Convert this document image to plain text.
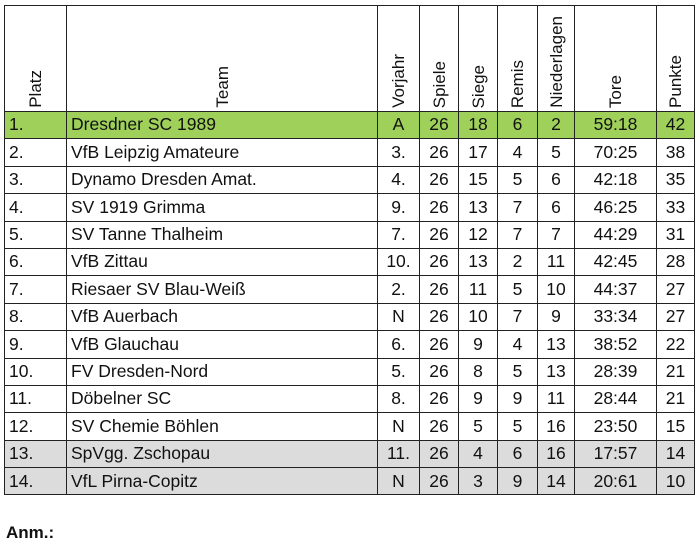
Platz	Team	Vorjahr	Spiele	Siege	Remis	Niederlagen	Tore	Punkte

1.	Dresdner SC 1989	A	26	18	6	2	59:18	42
2.	VfB Leipzig Amateure	3.	26	17	4	5	70:25	38
3.	Dynamo Dresden Amat.	4.	26	15	5	6	42:18	35
4.	SV 1919 Grimma	9.	26	13	7	6	46:25	33
5.	SV Tanne Thalheim	7.	26	12	7	7	44:29	31
6.	VfB Zittau	10.	26	13	2	11	42:45	28
7.	Riesaer SV Blau-Weiß	2.	26	11	5	10	44:37	27
8.	VfB Auerbach	N	26	10	7	9	33:34	27
9.	VfB Glauchau	6.	26	9	4	13	38:52	22
10.	FV Dresden-Nord	5.	26	8	5	13	28:39	21
11.	Döbelner SC	8.	26	9	9	11	28:44	21
12.	SV Chemie Böhlen	N	26	5	5	16	23:50	15
13.	SpVgg. Zschopau	11.	26	4	6	16	17:57	14
14.	VfL Pirna-Copitz	N	26	3	9	14	20:61	10
Anm.:
